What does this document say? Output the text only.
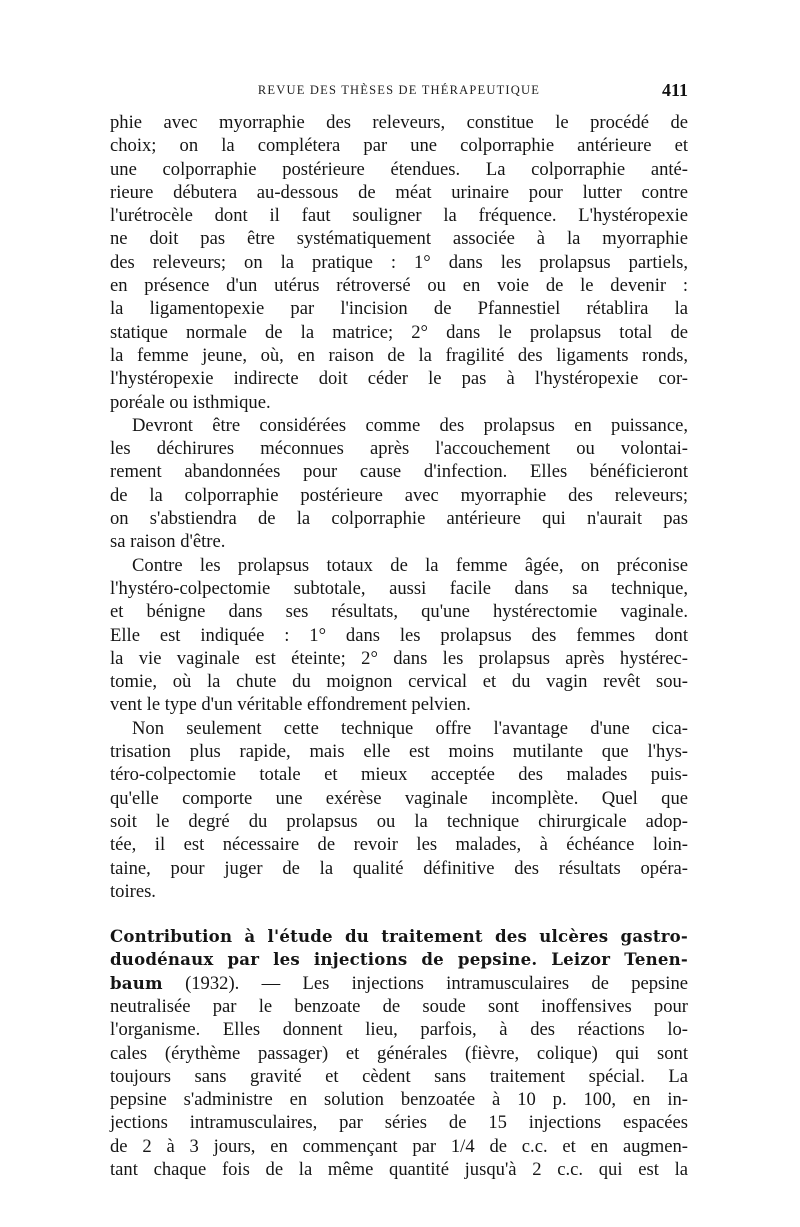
REVUE DES THÈSES DE THÉRAPEUTIQUE	411
phie avec myorraphie des releveurs, constitue le procédé de
choix; on la complétera par une colporraphie antérieure et
une colporraphie postérieure étendues. La colporraphie anté-
rieure débutera au-dessous de méat urinaire pour lutter contre
l'urétrocèle dont il faut souligner la fréquence. L'hystéropexie
ne doit pas être systématiquement associée à la myorraphie
des releveurs; on la pratique : 1° dans les prolapsus partiels,
en présence d'un utérus rétroversé ou en voie de le devenir :
la ligamentopexie par l'incision de Pfannestiel rétablira la
statique normale de la matrice; 2° dans le prolapsus total de
la femme jeune, où, en raison de la fragilité des ligaments ronds,
l'hystéropexie indirecte doit céder le pas à l'hystéropexie cor-
poréale ou isthmique.
Devront être considérées comme des prolapsus en puissance,
les déchirures méconnues après l'accouchement ou volontai-
rement abandonnées pour cause d'infection. Elles bénéficieront
de la colporraphie postérieure avec myorraphie des releveurs;
on s'abstiendra de la colporraphie antérieure qui n'aurait pas
sa raison d'être.
Contre les prolapsus totaux de la femme âgée, on préconise
l'hystéro-colpectomie subtotale, aussi facile dans sa technique,
et bénigne dans ses résultats, qu'une hystérectomie vaginale.
Elle est indiquée : 1° dans les prolapsus des femmes dont
la vie vaginale est éteinte; 2° dans les prolapsus après hystérec-
tomie, où la chute du moignon cervical et du vagin revêt sou-
vent le type d'un véritable effondrement pelvien.
Non seulement cette technique offre l'avantage d'une cica-
trisation plus rapide, mais elle est moins mutilante que l'hys-
téro-colpectomie totale et mieux acceptée des malades puis-
qu'elle comporte une exérèse vaginale incomplète. Quel que
soit le degré du prolapsus ou la technique chirurgicale adop-
tée, il est nécessaire de revoir les malades, à échéance loin-
taine, pour juger de la qualité définitive des résultats opéra-
toires.
Contribution à l'étude du traitement des ulcères gastro-
duodénaux par les injections de pepsine. Leizor Tenen-
baum (1932). — Les injections intramusculaires de pepsine
neutralisée par le benzoate de soude sont inoffensives pour
l'organisme. Elles donnent lieu, parfois, à des réactions lo-
cales (érythème passager) et générales (fièvre, colique) qui sont
toujours sans gravité et cèdent sans traitement spécial. La
pepsine s'administre en solution benzoatée à 10 p. 100, en in-
jections intramusculaires, par séries de 15 injections espacées
de 2 à 3 jours, en commençant par 1/4 de c.c. et en augmen-
tant chaque fois de la même quantité jusqu'à 2 c.c. qui est la
